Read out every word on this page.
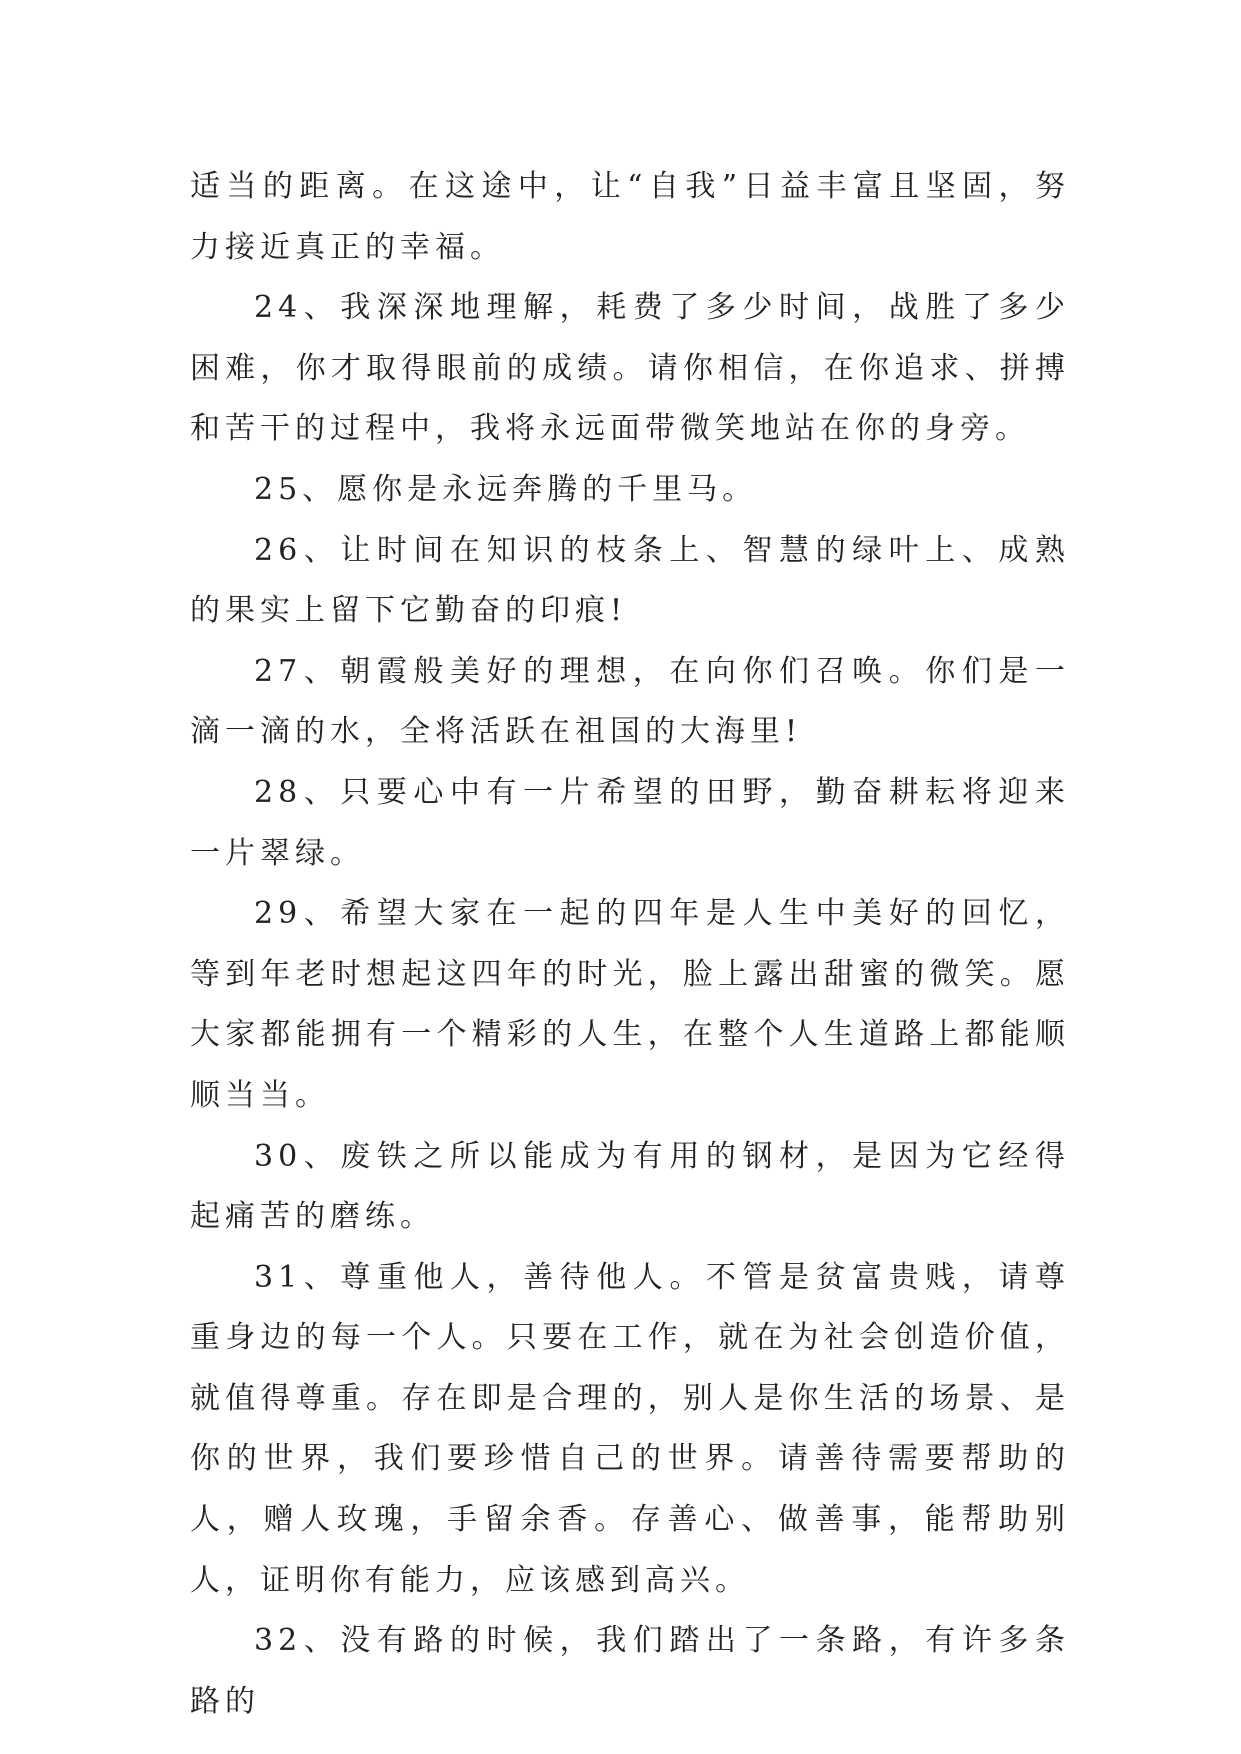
适当的距离。在这途中，让“自我”日益丰富且坚固，努力接近真正的幸福。

24、我深深地理解，耗费了多少时间，战胜了多少困难，你才取得眼前的成绩。请你相信，在你追求、拼搏和苦干的过程中，我将永远面带微笑地站在你的身旁。

25、愿你是永远奔腾的千里马。

26、让时间在知识的枝条上、智慧的绿叶上、成熟的果实上留下它勤奋的印痕!

27、朝霞般美好的理想，在向你们召唤。你们是一滴一滴的水，全将活跃在祖国的大海里!

28、只要心中有一片希望的田野，勤奋耕耘将迎来一片翠绿。

29、希望大家在一起的四年是人生中美好的回忆，等到年老时想起这四年的时光，脸上露出甜蜜的微笑。愿大家都能拥有一个精彩的人生，在整个人生道路上都能顺顺当当。

30、废铁之所以能成为有用的钢材，是因为它经得起痛苦的磨练。

31、尊重他人，善待他人。不管是贫富贵贱，请尊重身边的每一个人。只要在工作，就在为社会创造价值，就值得尊重。存在即是合理的，别人是你生活的场景、是你的世界，我们要珍惜自己的世界。请善待需要帮助的人，赠人玫瑰，手留余香。存善心、做善事，能帮助别人，证明你有能力，应该感到高兴。

32、没有路的时候，我们踏出了一条路，有许多条路的
